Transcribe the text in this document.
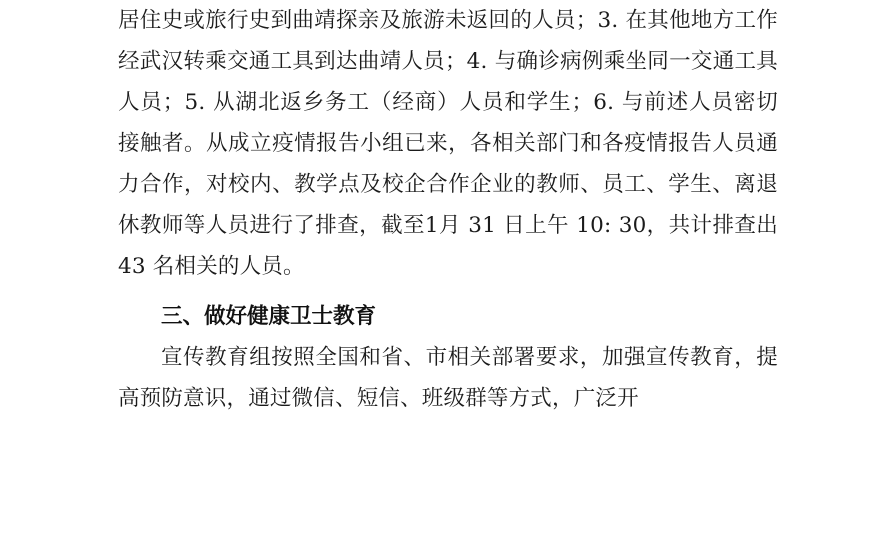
居住史或旅行史到曲靖探亲及旅游未返回的人员；3. 在其他地方工作经武汉转乘交通工具到达曲靖人员；4. 与确诊病例乘坐同一交通工具人员；5. 从湖北返乡务工（经商）人员和学生；6. 与前述人员密切接触者。从成立疫情报告小组已来，各相关部门和各疫情报告人员通力合作，对校内、教学点及校企合作企业的教师、员工、学生、离退休教师等人员进行了排查，截至1月 31 日上午 10: 30，共计排查出 43 名相关的人员。

三、做好健康卫士教育

宣传教育组按照全国和省、市相关部署要求，加强宣传教育，提高预防意识，通过微信、短信、班级群等方式，广泛开
